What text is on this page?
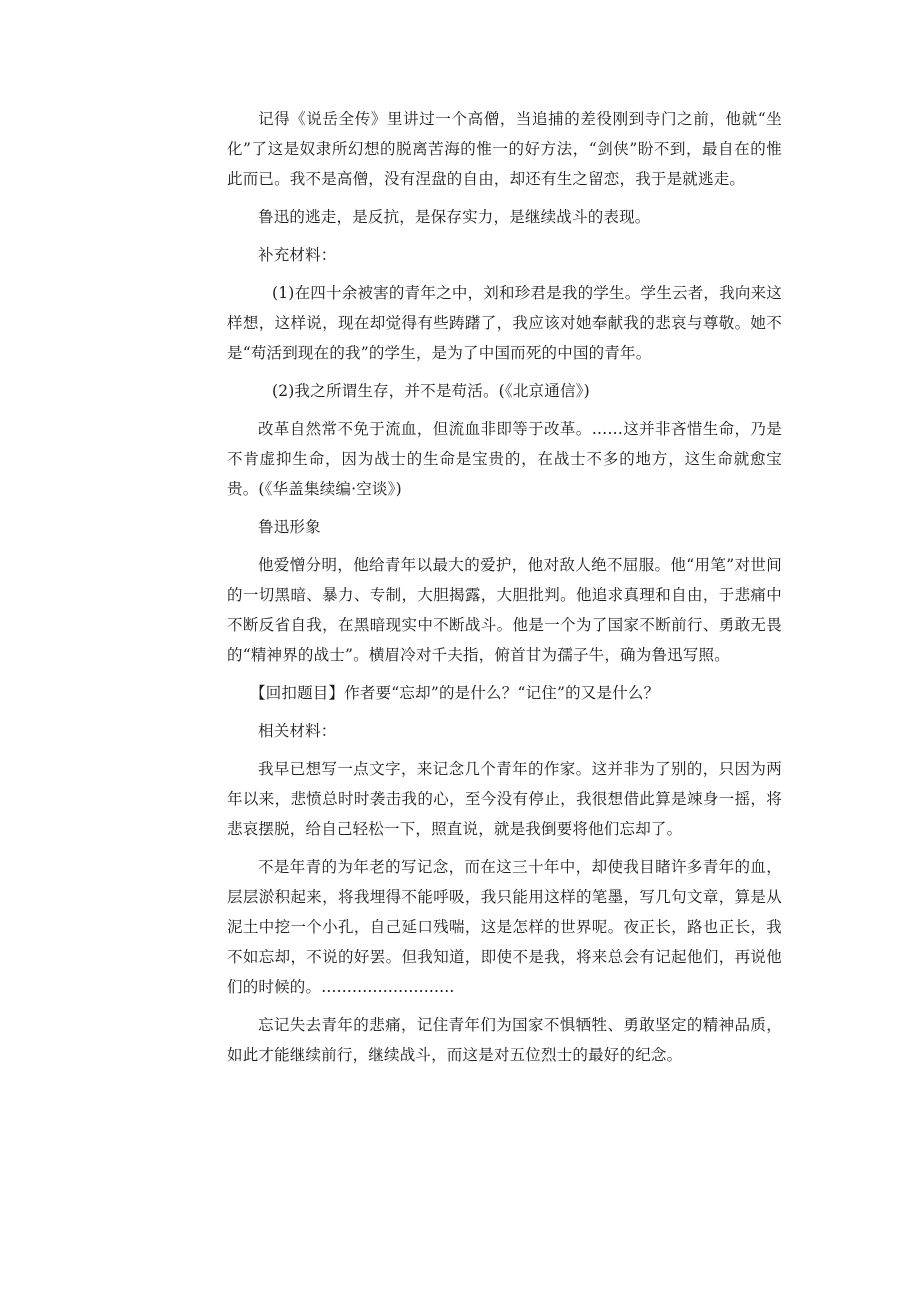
记得《说岳全传》里讲过一个高僧，当追捕的差役刚到寺门之前，他就“坐化”了这是奴隶所幻想的脱离苦海的惟一的好方法，“剑侠”盼不到，最自在的惟此而已。我不是高僧，没有涅盘的自由，却还有生之留恋，我于是就逃走。

鲁迅的逃走，是反抗，是保存实力，是继续战斗的表现。

补充材料：

(1)在四十余被害的青年之中，刘和珍君是我的学生。学生云者，我向来这样想，这样说，现在却觉得有些踌躇了，我应该对她奉献我的悲哀与尊敬。她不是“苟活到现在的我”的学生，是为了中国而死的中国的青年。

(2)我之所谓生存，并不是苟活。(《北京通信》)

改革自然常不免于流血，但流血非即等于改革。……这并非吝惜生命，乃是不肯虚抑生命，因为战士的生命是宝贵的，在战士不多的地方，这生命就愈宝贵。(《华盖集续编·空谈》)

鲁迅形象

他爱憎分明，他给青年以最大的爱护，他对敌人绝不屈服。他“用笔”对世间的一切黑暗、暴力、专制，大胆揭露，大胆批判。他追求真理和自由，于悲痛中不断反省自我，在黑暗现实中不断战斗。他是一个为了国家不断前行、勇敢无畏的“精神界的战士”。横眉冷对千夫指，俯首甘为孺子牛，确为鲁迅写照。

【回扣题目】作者要“忘却”的是什么？“记住”的又是什么？

相关材料：

我早已想写一点文字，来记念几个青年的作家。这并非为了别的，只因为两年以来，悲愤总时时袭击我的心，至今没有停止，我很想借此算是竦身一摇，将悲哀摆脱，给自己轻松一下，照直说，就是我倒要将他们忘却了。

不是年青的为年老的写记念，而在这三十年中，却使我目睹许多青年的血，层层淤积起来，将我埋得不能呼吸，我只能用这样的笔墨，写几句文章，算是从泥土中挖一个小孔，自己延口残喘，这是怎样的世界呢。夜正长，路也正长，我不如忘却，不说的好罢。但我知道，即使不是我，将来总会有记起他们，再说他们的时候的。..........................

忘记失去青年的悲痛，记住青年们为国家不惧牺牲、勇敢坚定的精神品质，如此才能继续前行，继续战斗，而这是对五位烈士的最好的纪念。
